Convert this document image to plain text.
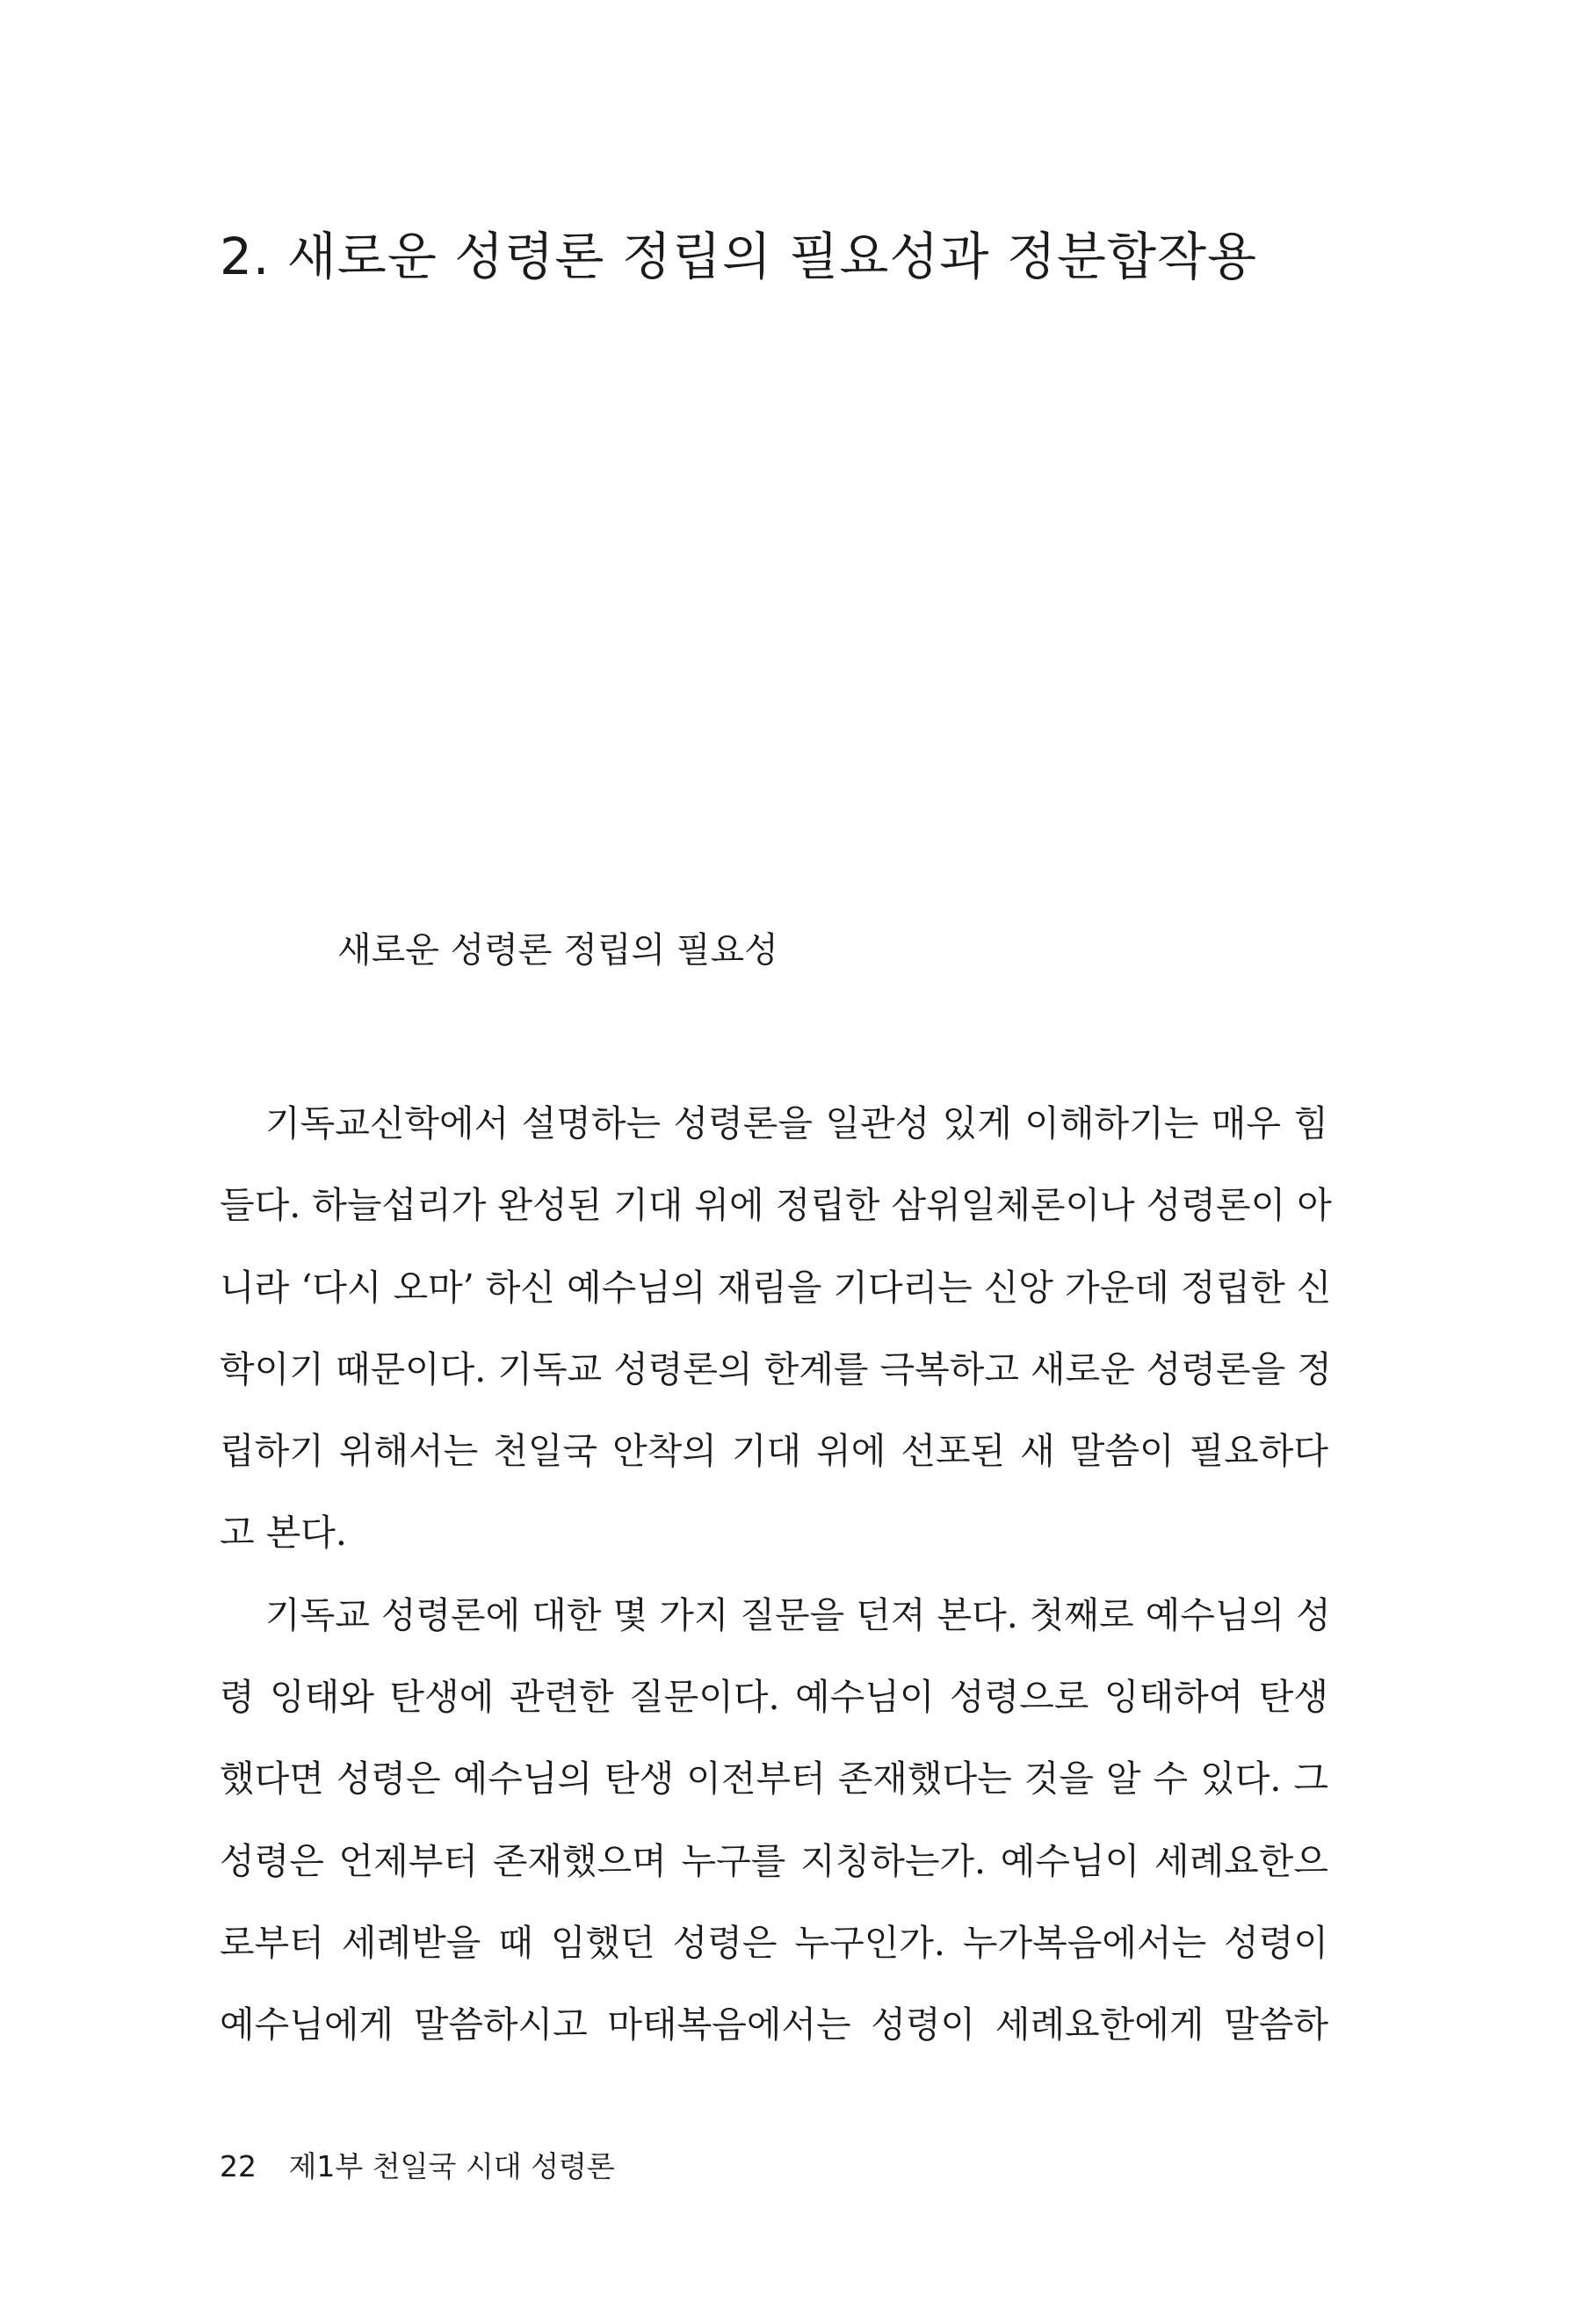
2. 새로운 성령론 정립의 필요성과 정분합작용
새로운 성령론 정립의 필요성

기독교신학에서 설명하는 성령론을 일관성 있게 이해하기는 매우 힘
들다. 하늘섭리가 완성된 기대 위에 정립한 삼위일체론이나 성령론이 아
니라 ‘다시 오마’ 하신 예수님의 재림을 기다리는 신앙 가운데 정립한 신
학이기 때문이다. 기독교 성령론의 한계를 극복하고 새로운 성령론을 정
립하기 위해서는 천일국 안착의 기대 위에 선포된 새 말씀이 필요하다
고 본다.

기독교 성령론에 대한 몇 가지 질문을 던져 본다. 첫째로 예수님의 성
령 잉태와 탄생에 관련한 질문이다. 예수님이 성령으로 잉태하여 탄생
했다면 성령은 예수님의 탄생 이전부터 존재했다는 것을 알 수 있다. 그
성령은 언제부터 존재했으며 누구를 지칭하는가. 예수님이 세례요한으
로부터 세례받을 때 임했던 성령은 누구인가. 누가복음에서는 성령이
예수님에게 말씀하시고 마태복음에서는 성령이 세례요한에게 말씀하

22 제1부 천일국 시대 성령론
